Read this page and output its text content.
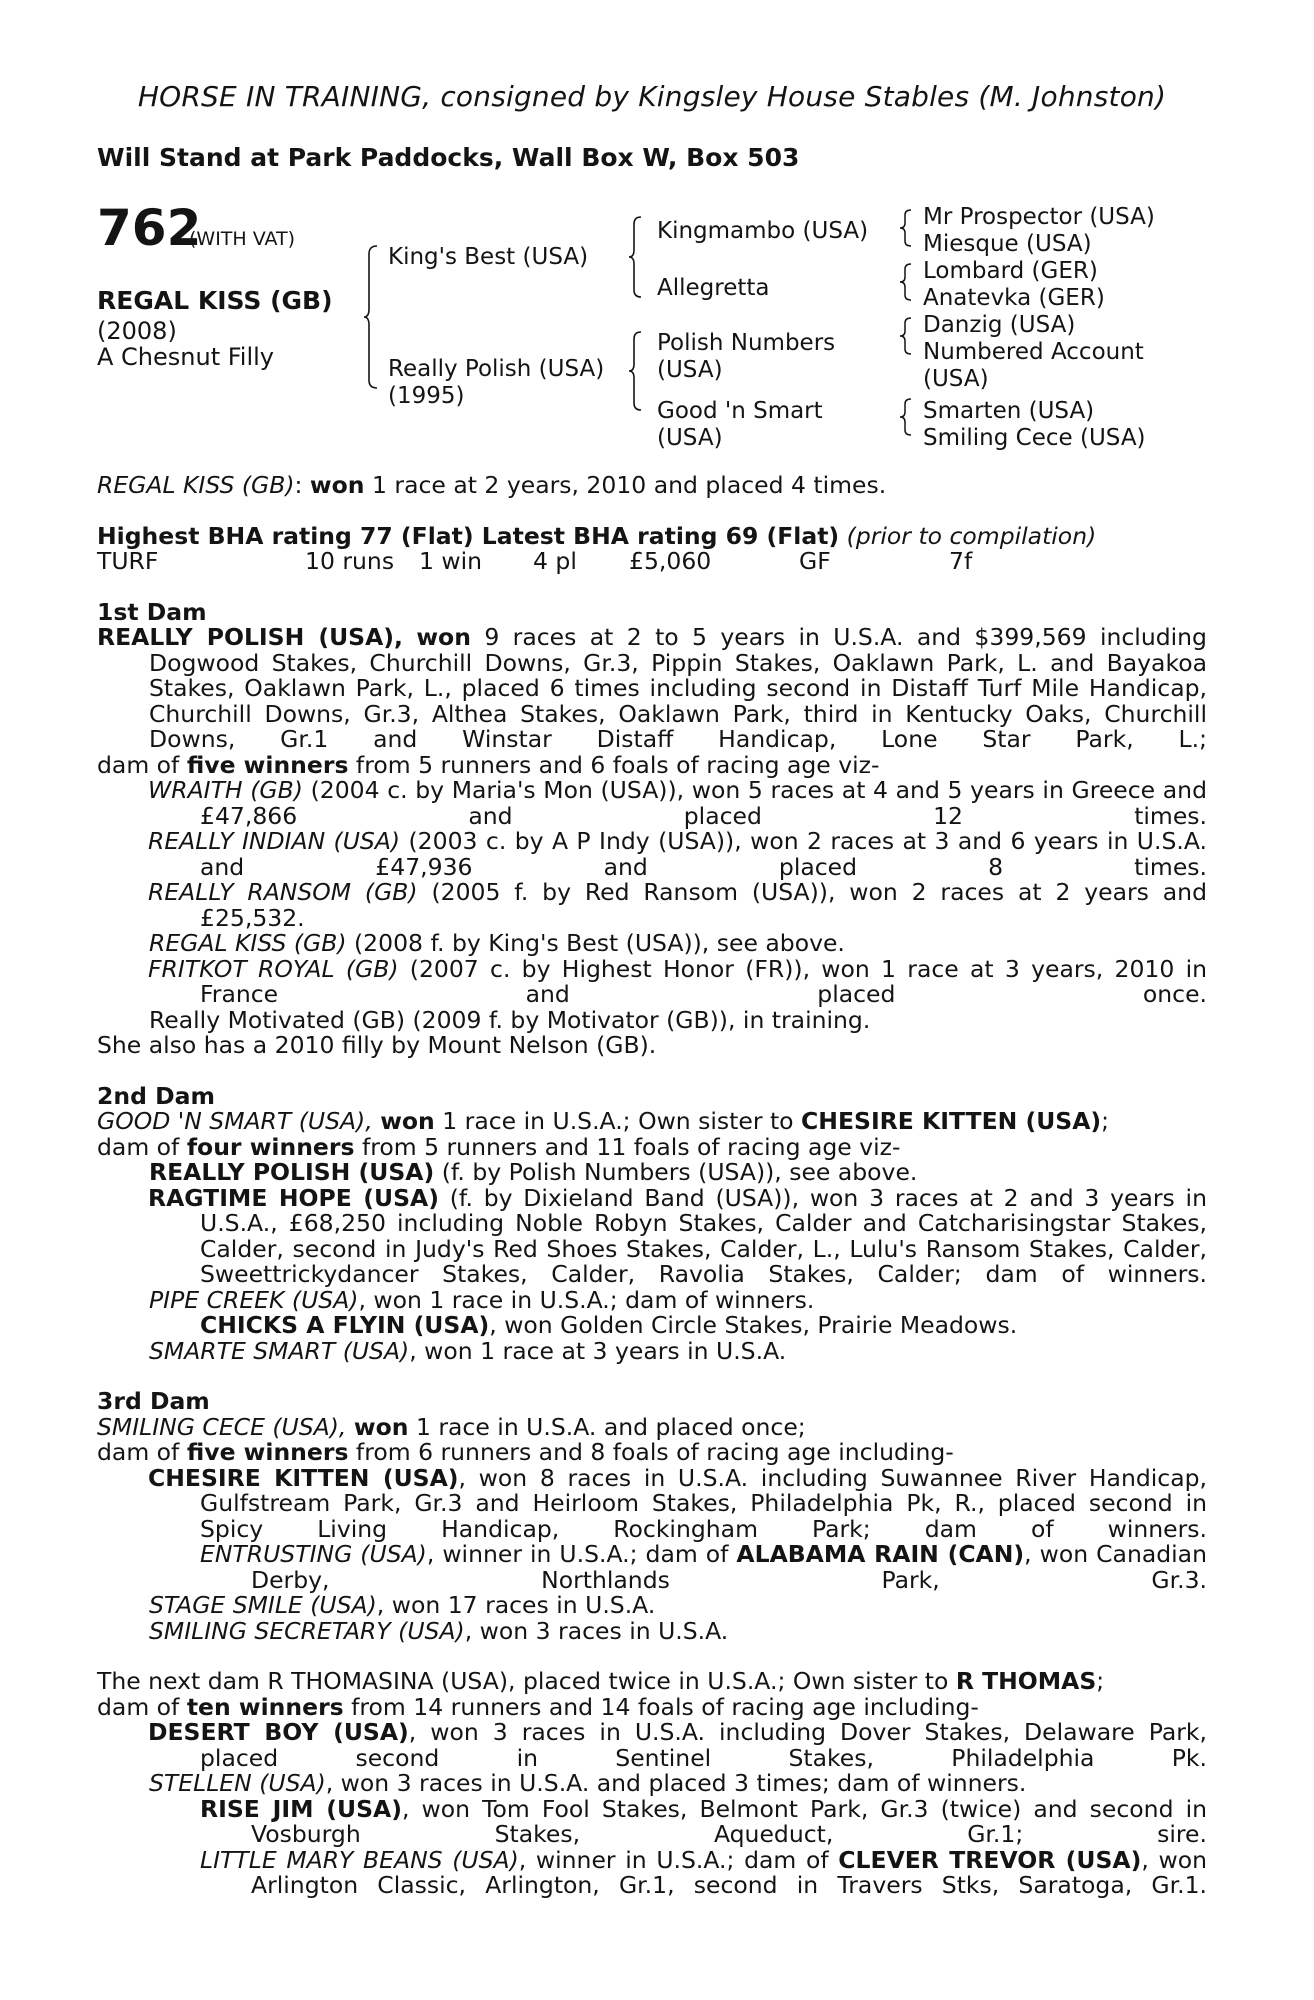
HORSE IN TRAINING, consigned by Kingsley House Stables (M. Johnston)
Will Stand at Park Paddocks, Wall Box W, Box 503
762
(WITH VAT)
REGAL KISS (GB)
(2008)
A Chesnut Filly
King's Best (USA)
Really Polish (USA)
(1995)
Kingmambo (USA)
Allegretta
Polish Numbers
(USA)
Good 'n Smart
(USA)
Mr Prospector (USA)
Miesque (USA)
Lombard (GER)
Anatevka (GER)
Danzig (USA)
Numbered Account
(USA)
Smarten (USA)
Smiling Cece (USA)
REGAL KISS (GB): won 1 race at 2 years, 2010 and placed 4 times.
Highest BHA rating 77 (Flat) Latest BHA rating 69 (Flat) (prior to compilation)
TURF	10 runs 1 win 4 pl £5,060	GF	7f
1st Dam
REALLY POLISH (USA), won 9 races at 2 to 5 years in U.S.A. and $399,569 including Dogwood Stakes, Churchill Downs, Gr.3, Pippin Stakes, Oaklawn Park, L. and Bayakoa Stakes, Oaklawn Park, L., placed 6 times including second in Distaff Turf Mile Handicap, Churchill Downs, Gr.3, Althea Stakes, Oaklawn Park, third in Kentucky Oaks, Churchill Downs, Gr.1 and Winstar Distaff Handicap, Lone Star Park, L.;
dam of five winners from 5 runners and 6 foals of racing age viz-
WRAITH (GB) (2004 c. by Maria's Mon (USA)), won 5 races at 4 and 5 years in Greece and £47,866 and placed 12 times.
REALLY INDIAN (USA) (2003 c. by A P Indy (USA)), won 2 races at 3 and 6 years in U.S.A. and £47,936 and placed 8 times.
REALLY RANSOM (GB) (2005 f. by Red Ransom (USA)), won 2 races at 2 years and £25,532.
REGAL KISS (GB) (2008 f. by King's Best (USA)), see above.
FRITKOT ROYAL (GB) (2007 c. by Highest Honor (FR)), won 1 race at 3 years, 2010 in France and placed once.
Really Motivated (GB) (2009 f. by Motivator (GB)), in training.
She also has a 2010 filly by Mount Nelson (GB).
2nd Dam
GOOD 'N SMART (USA), won 1 race in U.S.A.; Own sister to CHESIRE KITTEN (USA);
dam of four winners from 5 runners and 11 foals of racing age viz-
REALLY POLISH (USA) (f. by Polish Numbers (USA)), see above.
RAGTIME HOPE (USA) (f. by Dixieland Band (USA)), won 3 races at 2 and 3 years in U.S.A., £68,250 including Noble Robyn Stakes, Calder and Catcharisingstar Stakes, Calder, second in Judy's Red Shoes Stakes, Calder, L., Lulu's Ransom Stakes, Calder, Sweettrickydancer Stakes, Calder, Ravolia Stakes, Calder; dam of winners.
PIPE CREEK (USA), won 1 race in U.S.A.; dam of winners.
CHICKS A FLYIN (USA), won Golden Circle Stakes, Prairie Meadows.
SMARTE SMART (USA), won 1 race at 3 years in U.S.A.
3rd Dam
SMILING CECE (USA), won 1 race in U.S.A. and placed once;
dam of five winners from 6 runners and 8 foals of racing age including-
CHESIRE KITTEN (USA), won 8 races in U.S.A. including Suwannee River Handicap, Gulfstream Park, Gr.3 and Heirloom Stakes, Philadelphia Pk, R., placed second in Spicy Living Handicap, Rockingham Park; dam of winners.
ENTRUSTING (USA), winner in U.S.A.; dam of ALABAMA RAIN (CAN), won Canadian Derby, Northlands Park, Gr.3.
STAGE SMILE (USA), won 17 races in U.S.A.
SMILING SECRETARY (USA), won 3 races in U.S.A.
The next dam R THOMASINA (USA), placed twice in U.S.A.; Own sister to R THOMAS;
dam of ten winners from 14 runners and 14 foals of racing age including-
DESERT BOY (USA), won 3 races in U.S.A. including Dover Stakes, Delaware Park, placed second in Sentinel Stakes, Philadelphia Pk.
STELLEN (USA), won 3 races in U.S.A. and placed 3 times; dam of winners.
RISE JIM (USA), won Tom Fool Stakes, Belmont Park, Gr.3 (twice) and second in Vosburgh Stakes, Aqueduct, Gr.1; sire.
LITTLE MARY BEANS (USA), winner in U.S.A.; dam of CLEVER TREVOR (USA), won Arlington Classic, Arlington, Gr.1, second in Travers Stks, Saratoga, Gr.1.
